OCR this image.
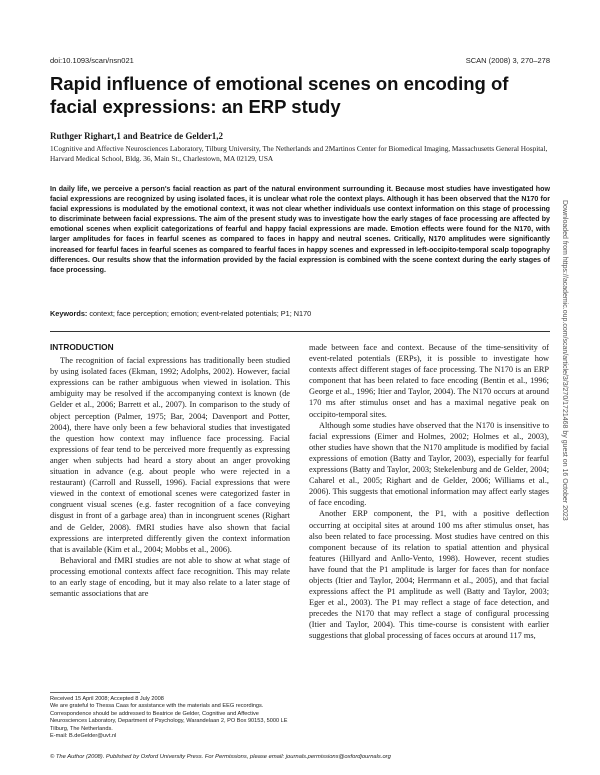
doi:10.1093/scan/nsn021	SCAN (2008) 3, 270–278
Rapid influence of emotional scenes on encoding of facial expressions: an ERP study
Ruthger Righart,1 and Beatrice de Gelder1,2
1Cognitive and Affective Neurosciences Laboratory, Tilburg University, The Netherlands and 2Martinos Center for Biomedical Imaging, Massachusetts General Hospital, Harvard Medical School, Bldg. 36, Main St., Charlestown, MA 02129, USA
In daily life, we perceive a person's facial reaction as part of the natural environment surrounding it. Because most studies have investigated how facial expressions are recognized by using isolated faces, it is unclear what role the context plays. Although it has been observed that the N170 for facial expressions is modulated by the emotional context, it was not clear whether individuals use context information on this stage of processing to discriminate between facial expressions. The aim of the present study was to investigate how the early stages of face processing are affected by emotional scenes when explicit categorizations of fearful and happy facial expressions are made. Emotion effects were found for the N170, with larger amplitudes for faces in fearful scenes as compared to faces in happy and neutral scenes. Critically, N170 amplitudes were significantly increased for fearful faces in fearful scenes as compared to fearful faces in happy scenes and expressed in left-occipito-temporal scalp topography differences. Our results show that the information provided by the facial expression is combined with the scene context during the early stages of face processing.
Keywords: context; face perception; emotion; event-related potentials; P1; N170
INTRODUCTION

The recognition of facial expressions has traditionally been studied by using isolated faces (Ekman, 1992; Adolphs, 2002). However, facial expressions can be rather ambiguous when viewed in isolation. This ambiguity may be resolved if the accompanying context is known (de Gelder et al., 2006; Barrett et al., 2007). In comparison to the study of object perception (Palmer, 1975; Bar, 2004; Davenport and Potter, 2004), there have only been a few behavioral studies that investigated the question how context may influence face processing. Facial expressions of fear tend to be perceived more frequently as expressing anger when subjects had heard a story about an anger provoking situation in advance (e.g. about people who were rejected in a restaurant) (Carroll and Russell, 1996). Facial expressions that were viewed in the context of emotional scenes were categorized faster in congruent visual scenes (e.g. faster recognition of a face conveying disgust in front of a garbage area) than in incongruent scenes (Righart and de Gelder, 2008). fMRI studies have also shown that facial expressions are interpreted differently given the context information that is available (Kim et al., 2004; Mobbs et al., 2006).

Behavioral and fMRI studies are not able to show at what stage of processing emotional contexts affect face recognition. This may relate to an early stage of encoding, but it may also relate to a later stage of semantic associations that are

made between face and context. Because of the time-sensitivity of event-related potentials (ERPs), it is possible to investigate how contexts affect different stages of face processing. The N170 is an ERP component that has been related to face encoding (Bentin et al., 1996; George et al., 1996; Itier and Taylor, 2004). The N170 occurs at around 170 ms after stimulus onset and has a maximal negative peak on occipito-temporal sites.

Although some studies have observed that the N170 is insensitive to facial expressions (Eimer and Holmes, 2002; Holmes et al., 2003), other studies have shown that the N170 amplitude is modified by facial expressions of emotion (Batty and Taylor, 2003), especially for fearful expressions (Batty and Taylor, 2003; Stekelenburg and de Gelder, 2004; Caharel et al., 2005; Righart and de Gelder, 2006; Williams et al., 2006). This suggests that emotional information may affect early stages of face encoding.

Another ERP component, the P1, with a positive deflection occurring at occipital sites at around 100 ms after stimulus onset, has also been related to face processing. Most studies have centred on this component because of its relation to spatial attention and physical features (Hillyard and Anllo-Vento, 1998). However, recent studies have found that the P1 amplitude is larger for faces than for nonface objects (Itier and Taylor, 2004; Herrmann et al., 2005), and that facial expressions affect the P1 amplitude as well (Batty and Taylor, 2003; Eger et al., 2003). The P1 may reflect a stage of face detection, and precedes the N170 that may reflect a stage of configural processing (Itier and Taylor, 2004). This time-course is consistent with earlier suggestions that global processing of faces occurs at around 117 ms,

Received 15 April 2008; Accepted 8 July 2008
We are grateful to Thessa Caas for assistance with the materials and EEG recordings.
Correspondence should be addressed to Beatrice de Gelder, Cognitive and Affective Neurosciences Laboratory, Department of Psychology, Warandelaan 2, PO Box 90153, 5000 LE Tilburg, The Netherlands.
E-mail: B.deGelder@uvt.nl
© The Author (2008). Published by Oxford University Press. For Permissions, please email: journals.permissions@oxfordjournals.org
Downloaded from https://academic.oup.com/scan/article/3/3/270/1721468 by guest on 16 October 2023
